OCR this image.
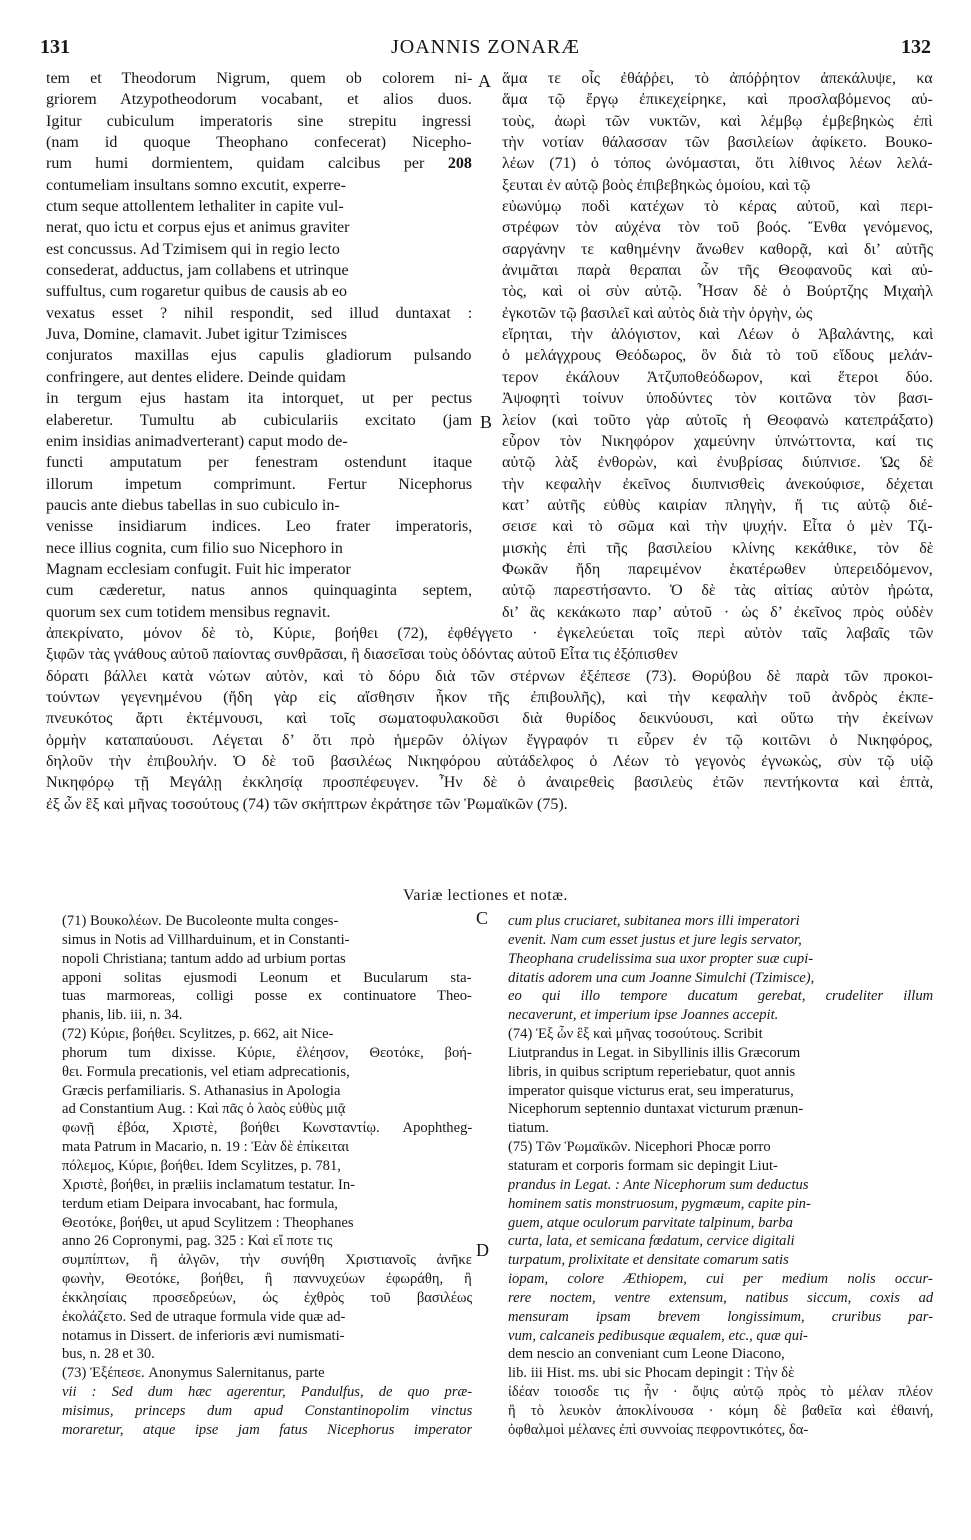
131	JOANNIS ZONARÆ	132
tem et Theodorum Nigrum, quem ob colorem ni-
griorem Atzypotheodorum vocabant, et alios duos.
Igitur cubiculum imperatoris sine strepitu ingressi
(nam id quoque Theophano confecerat) Nicepho-
rum humi dormientem, quidam calcibus per 208
contumeliam insultans somno excutit, experre-
ctum seque attollentem lethaliter in capite vul-
nerat, quo ictu et corpus ejus et animus graviter
est concussus. Ad Tzimisem qui in regio lecto
consederat, adductus, jam collabens et utrinque
suffultus, cum rogaretur quibus de causis ab eo
vexatus esset ? nihil respondit, sed illud duntaxat :
Juva, Domine, clamavit. Jubet igitur Tzimisces
conjuratos maxillas ejus capulis gladiorum pulsando
confringere, aut dentes elidere. Deinde quidam
in tergum ejus hastam ita intorquet, ut per pectus
elaberetur. Tumultu ab cubiculariis excitato (jam
enim insidias animadverterant) caput modo de-
functi amputatum per fenestram ostendunt itaque
illorum impetum comprimunt. Fertur Nicephorus
paucis ante diebus tabellas in suo cubiculo in-
venisse insidiarum indices. Leo frater imperatoris,
nece illius cognita, cum filio suo Nicephoro in
Magnam ecclesiam confugit. Fuit hic imperator
cum cæderetur, natus annos quinquaginta septem,
quorum sex cum totidem mensibus regnavit.
ἅμα τε οἷς ἐθάῤῥει, τὸ ἀπόῤῥητον ἀπεκάλυψε, κα
ἅμα τῷ ἔργῳ ἐπικεχείρηκε, καὶ προσλαβόμενος αὐ-
τοὺς, ἀωρὶ τῶν νυκτῶν, καὶ λέμβῳ ἐμβεβηκὼς ἐπὶ
τὴν νοτίαν θάλασσαν τῶν βασιλείων ἀφίκετο. Βουκο-
λέων (71) ὁ τόπος ὠνόμασται, ὅτι λίθινος λέων λελά-
ξευται ἐν αὐτῷ βοὸς ἐπιβεβηκὼς ὁμοίου, καὶ τῷ
εὐωνύμῳ ποδὶ κατέχων τὸ κέρας αὐτοῦ, καὶ περι-
στρέφων τὸν αὐχένα τὸν τοῦ βοός. Ἔνθα γενόμενος,
σαργάνην τε καθημένην ἄνωθεν καθορᾷ, καὶ δι’ αὐτῆς
ἀνιμᾶται παρὰ θεραπαι ὧν τῆς Θεοφανοῦς καὶ αὐ-
τὸς, καὶ οἱ σὺν αὐτῷ. Ἦσαν δὲ ὁ Βούρτζης Μιχαὴλ
ἐγκοτῶν τῷ βασιλεῖ καὶ αὐτὸς διὰ τὴν ὀργὴν, ὡς
εἴρηται, τὴν ἀλόγιστον, καὶ Λέων ὁ Ἀβαλάντης, καὶ
ὁ μελάγχρους Θεόδωρος, ὃν διὰ τὸ τοῦ εἴδους μελάν-
τερον ἐκάλουν Ἀτζυποθεόδωρον, καὶ ἕτεροι δύο.
Ἀψοφητὶ τοίνυν ὑποδύντες τὸν κοιτῶνα τὸν βασι-
λείον (καὶ τοῦτο γὰρ αὐτοῖς ἡ Θεοφανὼ κατεπράξατο)
εὗρον τὸν Νικηφόρον χαμεύνην ὑπνώττοντα, καί τις
αὐτῷ λὰξ ἐνθορὼν, καὶ ἐνυβρίσας διύπνισε. Ὡς δὲ
τὴν κεφαλὴν ἐκεῖνος διυπνισθεὶς ἀνεκούφισε, δέχεται
κατ’ αὐτῆς εὐθὺς καιρίαν πληγὴν, ἥ τις αὐτῷ διέ-
σεισε καὶ τὸ σῶμα καὶ τὴν ψυχήν. Εἶτα ὁ μὲν Τζι-
μισκὴς ἐπὶ τῆς βασιλείου κλίνης κεκάθικε, τὸν δὲ
Φωκᾶν ἤδη παρειμένον ἑκατέρωθεν ὑπερειδόμενον,
αὐτῷ παρεστήσαντο. Ὁ δὲ τὰς αἰτίας αὐτὸν ἠρώτα,
δι’ ἃς κεκάκωτο παρ’ αὐτοῦ · ὡς δ’ ἐκεῖνος πρὸς οὐδὲν
ἀπεκρίνατο, μόνον δὲ τὸ, Κύριε, βοήθει (72), ἐφθέγγετο · ἐγκελεύεται τοῖς περὶ αὐτὸν ταῖς λαβαῖς τῶν
ξιφῶν τὰς γνάθους αὐτοῦ παίοντας συνθρᾶσαι, ἢ διασεῖσαι τοὺς ὀδόντας αὐτοῦ Εἶτα τις ἐξόπισθεν
δόρατι βάλλει κατὰ νώτων αὐτὸν, καὶ τὸ δόρυ διὰ τῶν στέρνων ἐξέπεσε (73). Θορύβου δὲ παρὰ τῶν προκοι-
τούντων γεγενημένου (ἤδη γὰρ εἰς αἴσθησιν ἧκον τῆς ἐπιβουλῆς), καὶ τὴν κεφαλὴν τοῦ ἀνδρὸς ἐκπε-
πνευκότος ἄρτι ἐκτέμνουσι, καὶ τοῖς σωματοφυλακοῦσι διὰ θυρίδος δεικνύουσι, καὶ οὕτω τὴν ἐκείνων
ὁρμὴν καταπαύουσι. Λέγεται δ’ ὅτι πρὸ ἡμερῶν ὀλίγων ἔγγραφόν τι εὗρεν ἐν τῷ κοιτῶνι ὁ Νικηφόρος,
δηλοῦν τὴν ἐπιβουλήν. Ὁ δὲ τοῦ βασιλέως Νικηφόρου αὐτάδελφος ὁ Λέων τὸ γεγονὸς ἐγνωκὼς, σὺν τῷ υἱῷ
Νικηφόρῳ τῇ Μεγάλῃ ἐκκλησίᾳ προσπέφευγεν. Ἦν δὲ ὁ ἀναιρεθεὶς βασιλεὺς ἐτῶν πεντήκοντα καὶ ἑπτὰ,
ἐξ ὧν ἓξ καὶ μῆνας τοσούτους (74) τῶν σκήπτρων ἐκράτησε τῶν Ῥωμαϊκῶν (75).
A
B
C
D
Variæ lectiones et notæ.
(71) Βουκολέων. De Bucoleonte multa conges-
simus in Notis ad Villharduinum, et in Constanti-
nopoli Christiana; tantum addo ad urbium portas
apponi solitas ejusmodi Leonum et Bucularum sta-
tuas marmoreas, colligi posse ex continuatore Theo-
phanis, lib. iii, n. 34.
(72) Κύριε, βοήθει. Scylitzes, p. 662, ait Nice-
phorum tum dixisse. Κύριε, ἐλέησον, Θεοτόκε, βοή-
θει. Formula precationis, vel etiam adprecationis,
Græcis perfamiliaris. S. Athanasius in Apologia
ad Constantium Aug. : Καὶ πᾶς ὁ λαὸς εὐθὺς μιᾷ
φωνῇ ἐβόα, Χριστὲ, βοήθει Κωνσταντίῳ. Apophtheg-
mata Patrum in Macario, n. 19 : Ἐὰν δὲ ἐπίκειται
πόλεμος, Κύριε, βοήθει. Idem Scylitzes, p. 781,
Χριστὲ, βοήθει, in præliis inclamatum testatur. In-
terdum etiam Deipara invocabant, hac formula,
Θεοτόκε, βοήθει, ut apud Scylitzem : Theophanes
anno 26 Copronymi, pag. 325 : Καὶ εἴ ποτε τις
συμπίπτων, ἢ ἀλγῶν, τὴν συνήθη Χριστιανοῖς ἀνῆκε
φωνὴν, Θεοτόκε, βοήθει, ἢ παννυχεύων ἐφωράθη, ἢ
ἐκκλησίαις προσεδρεύων, ὡς ἐχθρὸς τοῦ βασιλέως
ἐκολάζετο. Sed de utraque formula vide quæ ad-
notamus in Dissert. de inferioris ævi numismati-
bus, n. 28 et 30.
(73) Ἐξέπεσε. Anonymus Salernitanus, parte
vii : Sed dum hæc agerentur, Pandulfus, de quo præ-
misimus, princeps dum apud Constantinopolim vinctus
moraretur, atque ipse jam fatus Nicephorus imperator
cum plus cruciaret, subitanea mors illi imperatori
evenit. Nam cum esset justus et jure legis servator,
Theophana crudelissima sua uxor propter suæ cupi-
ditatis adorem una cum Joanne Simulchi (Tzimisce),
eo qui illo tempore ducatum gerebat, crudeliter illum
necaverunt, et imperium ipse Joannes accepit.
(74) Ἐξ ὧν ἓξ καὶ μῆνας τοσούτους. Scribit
Liutprandus in Legat. in Sibyllinis illis Græcorum
libris, in quibus scriptum reperiebatur, quot annis
imperator quisque victurus erat, seu imperaturus,
Nicephorum septennio duntaxat victurum prænun-
tiatum.
(75) Τῶν Ῥωμαϊκῶν. Nicephori Phocæ porro
staturam et corporis formam sic depingit Liut-
prandus in Legat. : Ante Nicephorum sum deductus
hominem satis monstruosum, pygmæum, capite pin-
guem, atque oculorum parvitate talpinum, barba
curta, lata, et semicana fœdatum, cervice digitali
turpatum, prolixitate et densitate comarum satis
iopam, colore Æthiopem, cui per medium nolis occur-
rere noctem, ventre extensum, natibus siccum, coxis ad
mensuram ipsam brevem longissimum, cruribus par-
vum, calcaneis pedibusque æqualem, etc., quæ qui-
dem nescio an conveniant cum Leone Diacono,
lib. iii Hist. ms. ubi sic Phocam depingit : Τὴν δὲ
ἰδέαν τοιοσδε τις ἦν · ὄψις αὐτῷ πρὸς τὸ μέλαν πλέον
ἢ τὸ λευκὸν ἀποκλίνουσα · κόμη δὲ βαθεῖα καὶ ἐθαινή,
ὀφθαλμοὶ μέλανες ἐπὶ συννοίας πεφροντικότες, δα-
